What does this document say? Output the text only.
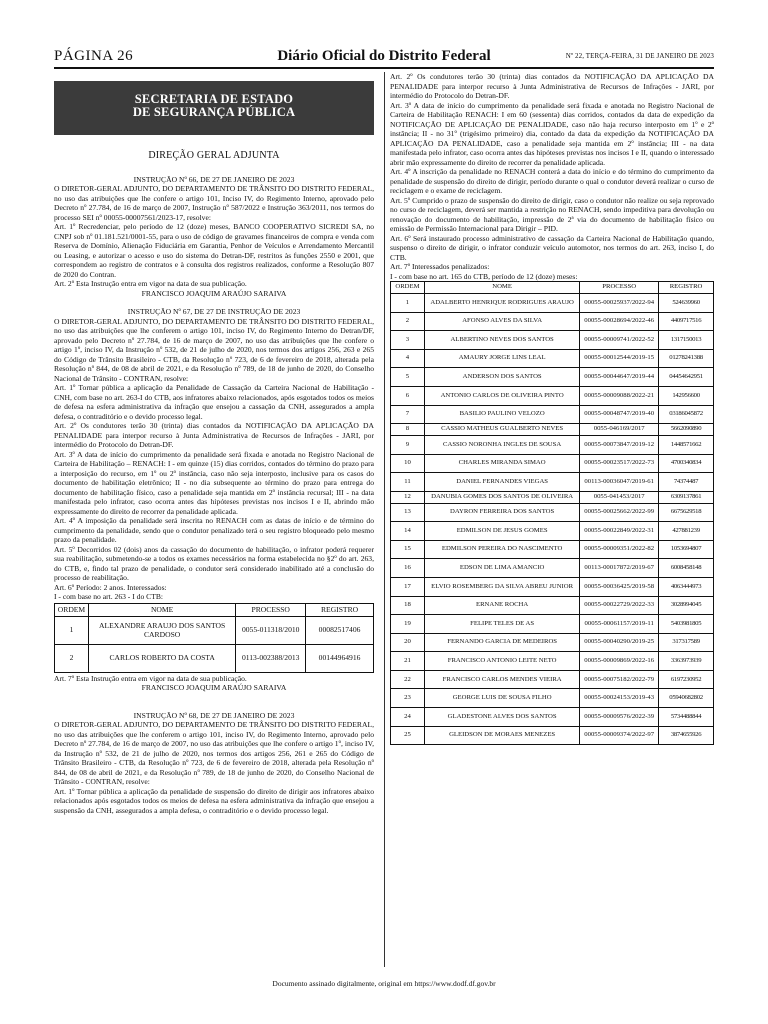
PÁGINA 26	Diário Oficial do Distrito Federal	Nº 22, TERÇA-FEIRA, 31 DE JANEIRO DE 2023
SECRETARIA DE ESTADO
DE SEGURANÇA PÚBLICA
DIREÇÃO GERAL ADJUNTA

INSTRUÇÃO Nº 66, DE 27 DE JANEIRO DE 2023

O DIRETOR-GERAL ADJUNTO, DO DEPARTAMENTO DE TRÂNSITO DO DISTRITO FEDERAL, no uso das atribuições que lhe confere o artigo 101, Inciso IV, do Regimento Interno, aprovado pelo Decreto nº 27.784, de 16 de março de 2007, Instrução nº 587/2022 e Instrução 363/2011, nos termos do processo SEI nº 00055-00007561/2023-17, resolve:

Art. 1º Recredenciar, pelo período de 12 (doze) meses, BANCO COOPERATIVO SICREDI SA, no CNPJ sob nº 01.181.521/0001-55, para o uso de código de gravames financeiros de compra e venda com Reserva de Domínio, Alienação Fiduciária em Garantia, Penhor de Veículos e Arrendamento Mercantil ou Leasing, e autorizar o acesso e uso do sistema do Detran-DF, restritos às funções 2550 e 2001, que correspondem ao registro de contratos e à consulta dos registros realizados, conforme a Resolução 807 de 2020 do Contran.

Art. 2º Esta Instrução entra em vigor na data de sua publicação.

FRANCISCO JOAQUIM ARAÚJO SARAIVA

INSTRUÇÃO Nº 67, DE 27 DE INSTRUÇÃO DE 2023

O DIRETOR-GERAL ADJUNTO, DO DEPARTAMENTO DE TRÂNSITO DO DISTRITO FEDERAL, no uso das atribuições que lhe conferem o artigo 101, inciso IV, do Regimento Interno do Detran/DF, aprovado pelo Decreto nº 27.784, de 16 de março de 2007, no uso das atribuições que lhe confere o artigo 1º, inciso IV, da Instrução nº 532, de 21 de julho de 2020, nos termos dos artigos 256, 263 e 265 do Código de Trânsito Brasileiro - CTB, da Resolução nº 723, de 6 de fevereiro de 2018, alterada pela Resolução nº 844, de 08 de abril de 2021, e da Resolução nº 789, de 18 de junho de 2020, do Conselho Nacional de Trânsito - CONTRAN, resolve:

Art. 1º Tornar pública a aplicação da Penalidade de Cassação da Carteira Nacional de Habilitação - CNH, com base no art. 263-I do CTB, aos infratores abaixo relacionados, após esgotados todos os meios de defesa na esfera administrativa da infração que ensejou a cassação da CNH, assegurados a ampla defesa, o contraditório e o devido processo legal.

Art. 2º Os condutores terão 30 (trinta) dias contados da NOTIFICAÇÃO DA APLICAÇÃO DA PENALIDADE para interpor recurso à Junta Administrativa de Recursos de Infrações - JARI, por intermédio do Protocolo do Detran-DF.

Art. 3º A data de início do cumprimento da penalidade será fixada e anotada no Registro Nacional de Carteira de Habilitação – RENACH: I - em quinze (15) dias corridos, contados do término do prazo para a interposição do recurso, em 1º ou 2º instância, caso não seja interposto, inclusive para os casos do documento de habilitação eletrônico; II - no dia subsequente ao término do prazo para entrega do documento de habilitação físico, caso a penalidade seja mantida em 2º instância recursal; III - na data manifestada pelo infrator, caso ocorra antes das hipóteses previstas nos incisos I e II, abrindo mão expressamente do direito de recorrer da penalidade aplicada.

Art. 4º A imposição da penalidade será inscrita no RENACH com as datas de início e de término do cumprimento da penalidade, sendo que o condutor penalizado terá o seu registro bloqueado pelo mesmo prazo da penalidade.

Art. 5º Decorridos 02 (dois) anos da cassação do documento de habilitação, o infrator poderá requerer sua reabilitação, submetendo-se a todos os exames necessários na forma estabelecida no §2º do art. 263, do CTB, e, findo tal prazo de penalidade, o condutor será considerado inabilitado até a conclusão do processo de reabilitação.

Art. 6º Período: 2 anos. Interessados:

I - com base no art. 263 - I do CTB:

ORDEM	NOME	PROCESSO	REGISTRO
1	ALEXANDRE ARAUJO DOS SANTOS CARDOSO	0055-011318/2010	00082517406
2	CARLOS ROBERTO DA COSTA	0113-002388/2013	00144964916

Art. 7º Esta Instrução entra em vigor na data de sua publicação.

FRANCISCO JOAQUIM ARAÚJO SARAIVA

INSTRUÇÃO Nº 68, DE 27 DE JANEIRO DE 2023

O DIRETOR-GERAL ADJUNTO, DO DEPARTAMENTO DE TRÂNSITO DO DISTRITO FEDERAL, no uso das atribuições que lhe conferem o artigo 101, inciso IV, do Regimento Interno, aprovado pelo Decreto nº 27.784, de 16 de março de 2007, no uso das atribuições que lhe confere o artigo 1º, inciso IV, da Instrução nº 532, de 21 de julho de 2020, nos termos dos artigos 256, 261 e 265 do Código de Trânsito Brasileiro - CTB, da Resolução nº 723, de 6 de fevereiro de 2018, alterada pela Resolução nº 844, de 08 de abril de 2021, e da Resolução nº 789, de 18 de junho de 2020, do Conselho Nacional de Trânsito - CONTRAN, resolve:

Art. 1º Tornar pública a aplicação da penalidade de suspensão do direito de dirigir aos infratores abaixo relacionados após esgotados todos os meios de defesa na esfera administrativa da infração que ensejou a suspensão da CNH, assegurados a ampla defesa, o contraditório e o devido processo legal.

Art. 2º Os condutores terão 30 (trinta) dias contados da NOTIFICAÇÃO DA APLICAÇÃO DA PENALIDADE para interpor recurso à Junta Administrativa de Recursos de Infrações - JARI, por intermédio do Protocolo do Detran-DF.

Art. 3º A data de início do cumprimento da penalidade será fixada e anotada no Registro Nacional de Carteira de Habilitação RENACH: I em 60 (sessenta) dias corridos, contados da data de expedição da NOTIFICAÇÃO DE APLICAÇÃO DE PENALIDADE, caso não haja recurso interposto em 1º e 2º instância; II - no 31º (trigésimo primeiro) dia, contado da data da expedição da NOTIFICAÇÃO DA APLICAÇÃO DA PENALIDADE, caso a penalidade seja mantida em 2º instância; III - na data manifestada pelo infrator, caso ocorra antes das hipóteses previstas nos incisos I e II, quando o interessado abrir mão expressamente do direito de recorrer da penalidade aplicada.

Art. 4º A inscrição da penalidade no RENACH conterá a data do início e do término do cumprimento da penalidade de suspensão do direito de dirigir, período durante o qual o condutor deverá realizar o curso de reciclagem e o exame de reciclagem.

Art. 5º Cumprido o prazo de suspensão do direito de dirigir, caso o condutor não realize ou seja reprovado no curso de reciclagem, deverá ser mantida a restrição no RENACH, sendo impeditiva para devolução ou renovação do documento de habilitação, impressão de 2ª via do documento de habilitação físico ou emissão de Permissão Internacional para Dirigir – PID.

Art. 6º Será instaurado processo administrativo de cassação da Carteira Nacional de Habilitação quando, suspenso o direito de dirigir, o infrator conduzir veículo automotor, nos termos do art. 263, inciso I, do CTB.

Art. 7º Interessados penalizados:

I - com base no art. 165 do CTB, período de 12 (doze) meses:

ORDEM	NOME	PROCESSO	REGISTRO
1	ADALBERTO HENRIQUE RODRIGUES ARAUJO	00055-00025937/2022-94	524639960
2	AFONSO ALVES DA SILVA	00055-00028694/2022-46	4409717516
3	ALBERTINO NEVES DOS SANTOS	00055-00009741/2022-52	1317150013
4	AMAURY JORGE LINS LEAL	00055-00012544/2019-15	01278241388
5	ANDERSON DOS SANTOS	00055-00044647/2019-44	04454642951
6	ANTONIO CARLOS DE OLIVEIRA PINTO	00055-00009088/2022-21	142956600
7	BASILIO PAULINO VELOZO	00055-00048747/2019-40	03186045872
8	CASSIO MATHEUS GUALBERTO NEVES	0055-046169/2017	5662090890
9	CASSIO NORONHA INGLES DE SOUSA	00055-00073847/2019-12	1448571662
10	CHARLES MIRANDA SIMAO	00055-00023517/2022-73	4700340834
11	DANIEL FERNANDES VIEGAS	00113-00036047/2019-61	74374487
12	DANUBIA GOMES DOS SANTOS DE OLIVEIRA	0055-041453/2017	6309137861
13	DAYRON FERREIRA DOS SANTOS	00055-00025662/2022-99	6675629518
14	EDMILSON DE JESUS GOMES	00055-00022849/2022-31	427881239
15	EDMILSON PEREIRA DO NASCIMENTO	00055-00009351/2022-82	1053694807
16	EDSON DE LIMA AMANCIO	00113-00017872/2019-67	6008458148
17	ELVIO ROSEMBERG DA SILVA ABREU JUNIOR	00055-00036425/2019-58	4063444973
18	ERNANE ROCHA	00055-00022729/2022-33	3028994045
19	FELIPE TELES DE AS	00055-00061157/2019-11	5403981805
20	FERNANDO GARCIA DE MEDEIROS	00055-00040290/2019-25	317317589
21	FRANCISCO ANTONIO LEITE NETO	00055-00009869/2022-16	3363973939
22	FRANCISCO CARLOS MENDES VIEIRA	00055-00075182/2022-79	6197230952
23	GEORGE LUIS DE SOUSA FILHO	00055-00024153/2019-43	05940682802
24	GLADESTONE ALVES DOS SANTOS	00055-00009576/2022-39	5734488844
25	GLEIDSON DE MORAES MENEZES	00055-00009374/2022-97	3874655926
Documento assinado digitalmente, original em https://www.dodf.df.gov.br
